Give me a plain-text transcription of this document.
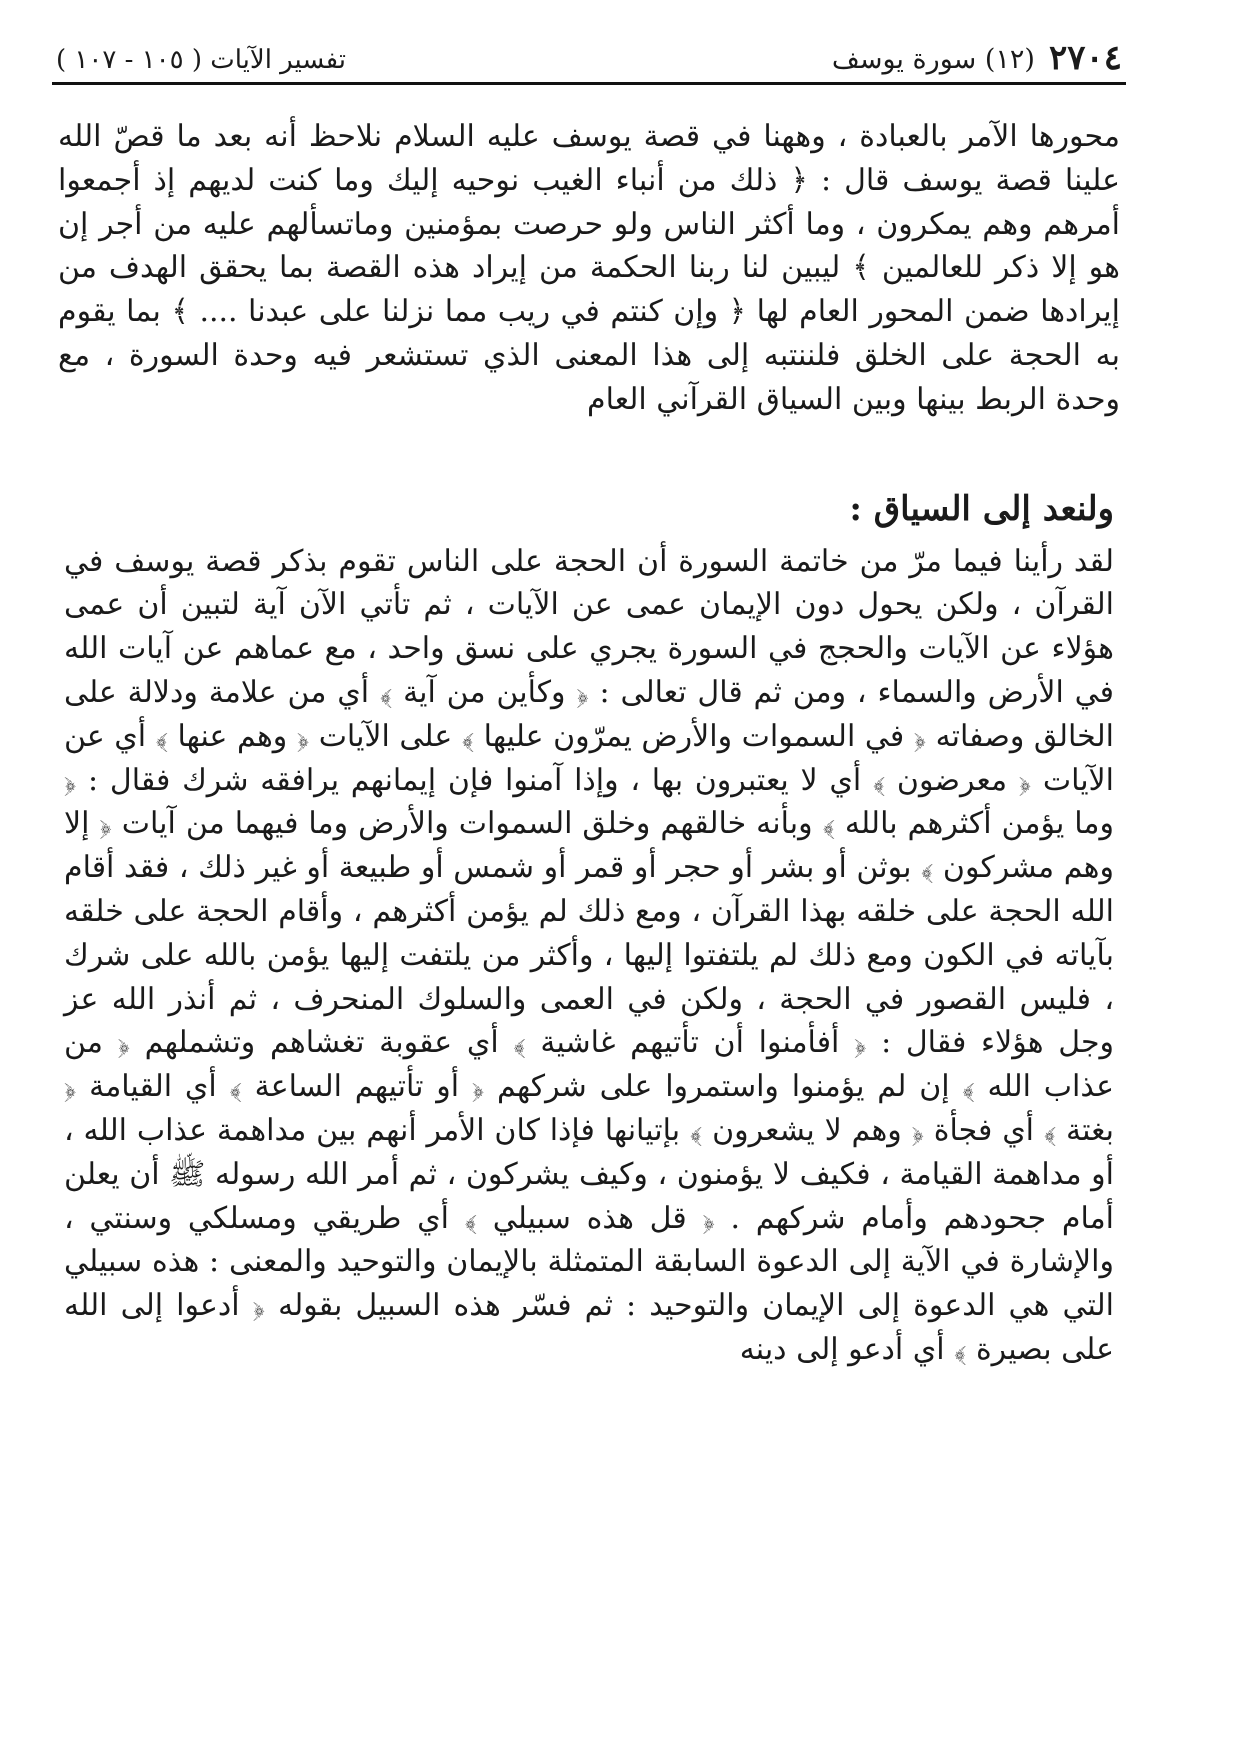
٢٧٠٤
(١٢) سورة يوسف
تفسير الآيات ( ١٠٥ - ١٠٧ )

محورها الآمر بالعبادة ، وههنا في قصة يوسف عليه السلام نلاحظ أنه بعد ما قصّ الله علينا قصة يوسف قال : ﴿ ذلك من أنباء الغيب نوحيه إليك وما كنت لديهم إذ أجمعوا أمرهم وهم يمكرون ، وما أكثر الناس ولو حرصت بمؤمنين وماتسألهم عليه من أجر إن هو إلا ذكر للعالمين ﴾ ليبين لنا ربنا الحكمة من إيراد هذه القصة بما يحقق الهدف من إيرادها ضمن المحور العام لها ﴿ وإن كنتم في ريب مما نزلنا على عبدنا .... ﴾ بما يقوم به الحجة على الخلق فلننتبه إلى هذا المعنى الذي تستشعر فيه وحدة السورة ، مع وحدة الربط بينها وبين السياق القرآني العام

ولنعد إلى السياق :

لقد رأينا فيما مرّ من خاتمة السورة أن الحجة على الناس تقوم بذكر قصة يوسف في القرآن ، ولكن يحول دون الإيمان عمى عن الآيات ، ثم تأتي الآن آية لتبين أن عمى هؤلاء عن الآيات والحجج في السورة يجري على نسق واحد ، مع عماهم عن آيات الله في الأرض والسماء ، ومن ثم قال تعالى : ﴿ وكأين من آية ﴾ أي من علامة ودلالة على الخالق وصفاته ﴿ في السموات والأرض يمرّون عليها ﴾ على الآيات ﴿ وهم عنها ﴾ أي عن الآيات ﴿ معرضون ﴾ أي لا يعتبرون بها ، وإذا آمنوا فإن إيمانهم يرافقه شرك فقال : ﴿ وما يؤمن أكثرهم بالله ﴾ وبأنه خالقهم وخلق السموات والأرض وما فيهما من آيات ﴿ إلا وهم مشركون ﴾ بوثن أو بشر أو حجر أو قمر أو شمس أو طبيعة أو غير ذلك ، فقد أقام الله الحجة على خلقه بهذا القرآن ، ومع ذلك لم يؤمن أكثرهم ، وأقام الحجة على خلقه بآياته في الكون ومع ذلك لم يلتفتوا إليها ، وأكثر من يلتفت إليها يؤمن بالله على شرك ، فليس القصور في الحجة ، ولكن في العمى والسلوك المنحرف ، ثم أنذر الله عز وجل هؤلاء فقال : ﴿ أفأمنوا أن تأتيهم غاشية ﴾ أي عقوبة تغشاهم وتشملهم ﴿ من عذاب الله ﴾ إن لم يؤمنوا واستمروا على شركهم ﴿ أو تأتيهم الساعة ﴾ أي القيامة ﴿ بغتة ﴾ أي فجأة ﴿ وهم لا يشعرون ﴾ بإتيانها فإذا كان الأمر أنهم بين مداهمة عذاب الله ، أو مداهمة القيامة ، فكيف لا يؤمنون ، وكيف يشركون ، ثم أمر الله رسوله ﷺ أن يعلن أمام جحودهم وأمام شركهم . ﴿ قل هذه سبيلي ﴾ أي طريقي ومسلكي وسنتي ، والإشارة في الآية إلى الدعوة السابقة المتمثلة بالإيمان والتوحيد والمعنى : هذه سبيلي التي هي الدعوة إلى الإيمان والتوحيد : ثم فسّر هذه السبيل بقوله ﴿ أدعوا إلى الله على بصيرة ﴾ أي أدعو إلى دينه
